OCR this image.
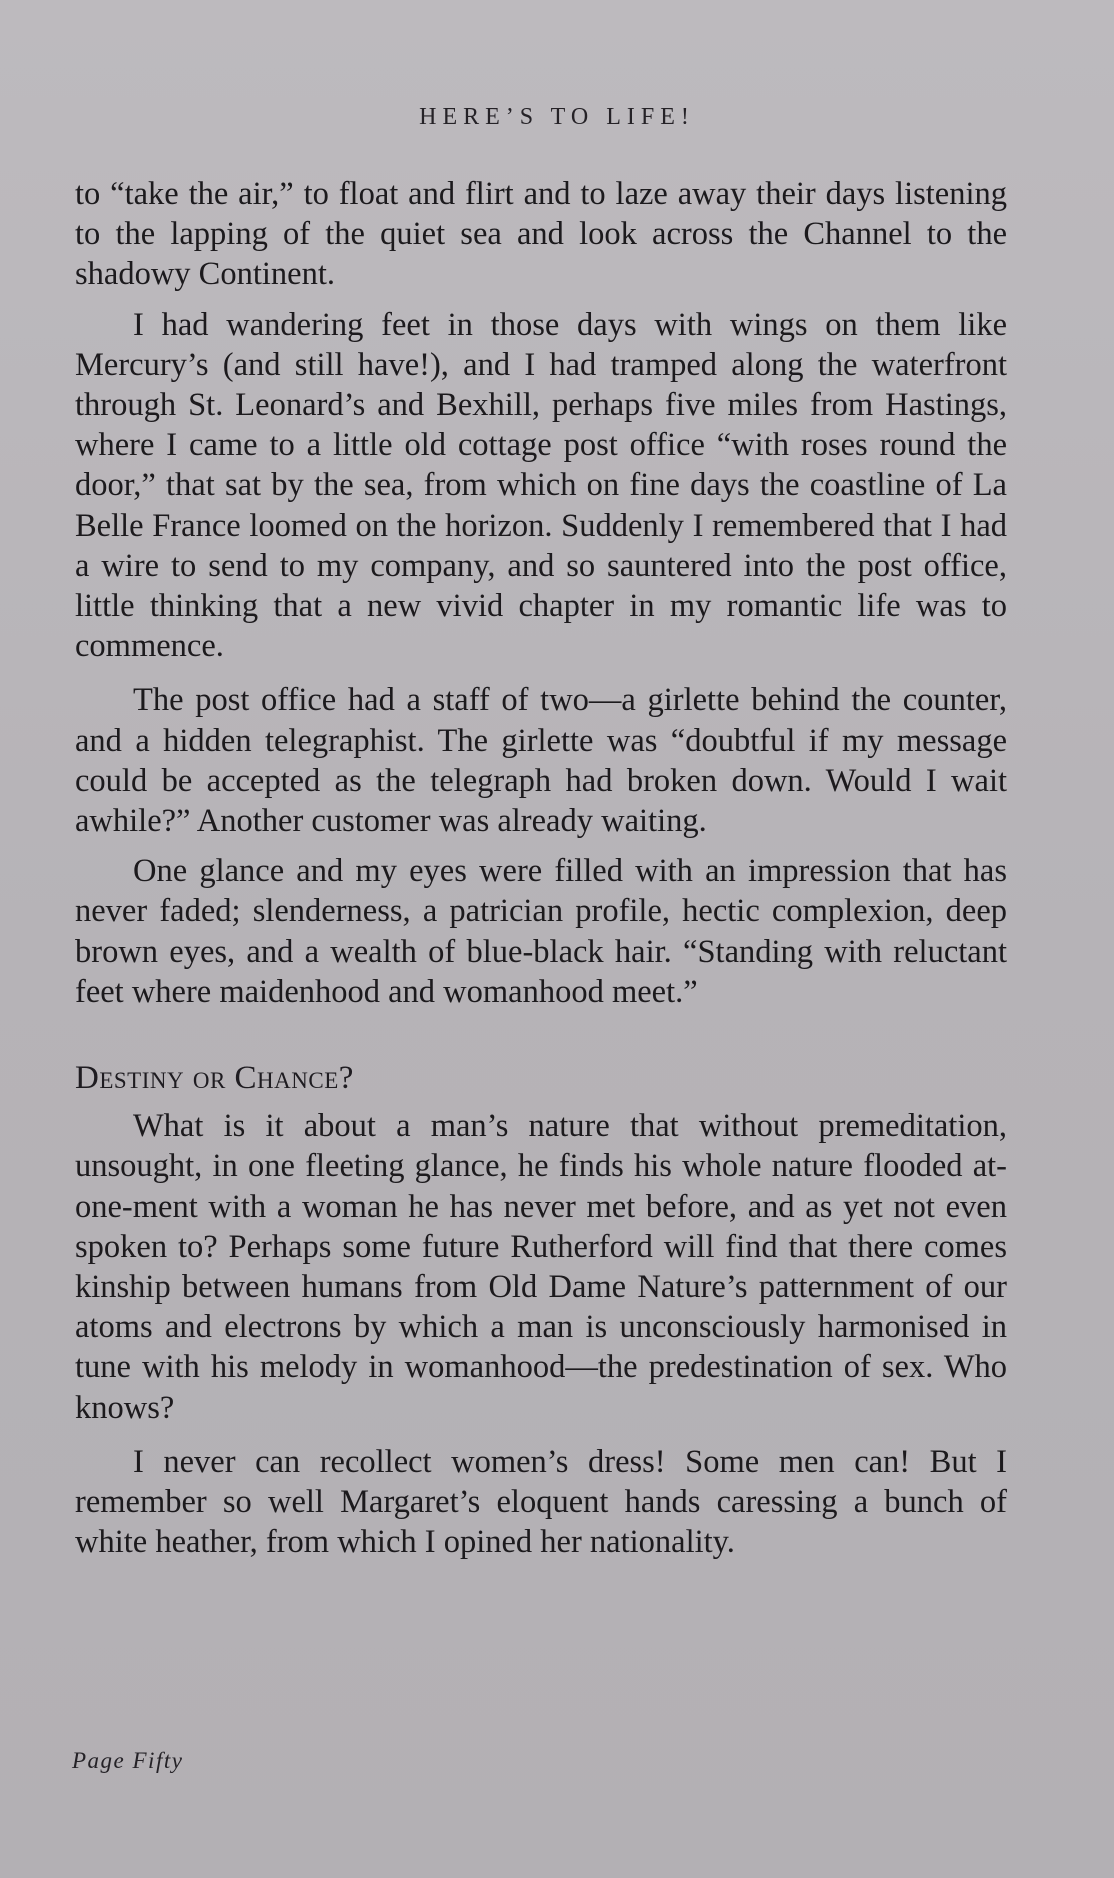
HERE’S TO LIFE!

to “take the air,” to float and flirt and to laze away their days listening to the lapping of the quiet sea and look across the Channel to the shadowy Continent.

I had wandering feet in those days with wings on them like Mercury’s (and still have!), and I had tramped along the waterfront through St. Leonard’s and Bexhill, perhaps five miles from Hastings, where I came to a little old cottage post office “with roses round the door,” that sat by the sea, from which on fine days the coastline of La Belle France loomed on the horizon. Suddenly I remembered that I had a wire to send to my company, and so sauntered into the post office, little thinking that a new vivid chapter in my romantic life was to commence.

The post office had a staff of two—a girlette behind the counter, and a hidden telegraphist. The girlette was “doubtful if my message could be accepted as the telegraph had broken down. Would I wait awhile?” Another customer was already waiting.

One glance and my eyes were filled with an impression that has never faded; slenderness, a patrician profile, hectic complexion, deep brown eyes, and a wealth of blue-black hair. “Standing with reluctant feet where maidenhood and womanhood meet.”

Destiny or Chance?

What is it about a man’s nature that without premeditation, unsought, in one fleeting glance, he finds his whole nature flooded at-one-ment with a woman he has never met before, and as yet not even spoken to? Perhaps some future Rutherford will find that there comes kinship between humans from Old Dame Nature’s patternment of our atoms and electrons by which a man is unconsciously harmonised in tune with his melody in womanhood—the predestination of sex. Who knows?

I never can recollect women’s dress! Some men can! But I remember so well Margaret’s eloquent hands caressing a bunch of white heather, from which I opined her nationality.

Page Fifty
